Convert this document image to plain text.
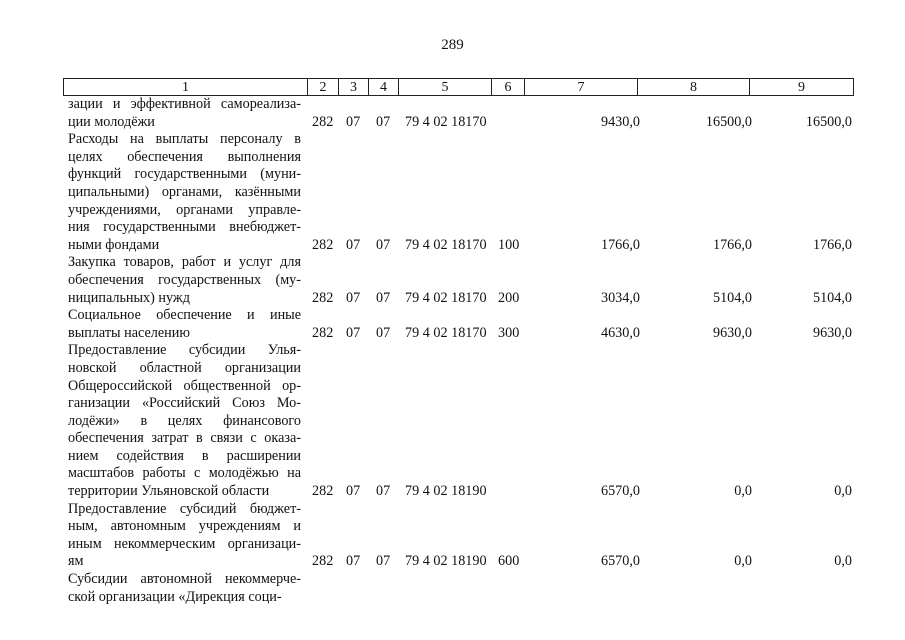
289
1	2	3	4	5	6	7	8	9
зации и эффективной самореализа-
ции молодёжи	282 07 07 79 4 02 18170	9430,0	16500,0	16500,0
Расходы на выплаты персоналу в
целях обеспечения выполнения
функций государственными (муни-
ципальными) органами, казёнными
учреждениями, органами управле-
ния государственными внебюджет-
ными фондами	282 07 07 79 4 02 18170 100	1766,0	1766,0	1766,0
Закупка товаров, работ и услуг для
обеспечения государственных (му-
ниципальных) нужд	282 07 07 79 4 02 18170 200	3034,0	5104,0	5104,0
Социальное обеспечение и иные
выплаты населению	282 07 07 79 4 02 18170 300	4630,0	9630,0	9630,0
Предоставление субсидии Улья-
новской областной организации
Общероссийской общественной ор-
ганизации «Российский Союз Мо-
лодёжи» в целях финансового
обеспечения затрат в связи с оказа-
нием содействия в расширении
масштабов работы с молодёжью на
территории Ульяновской области	282 07 07 79 4 02 18190	6570,0	0,0	0,0
Предоставление субсидий бюджет-
ным, автономным учреждениям и
иным некоммерческим организаци-
ям	282 07 07 79 4 02 18190 600	6570,0	0,0	0,0
Субсидии автономной некоммерче-
ской организации «Дирекция соци-
